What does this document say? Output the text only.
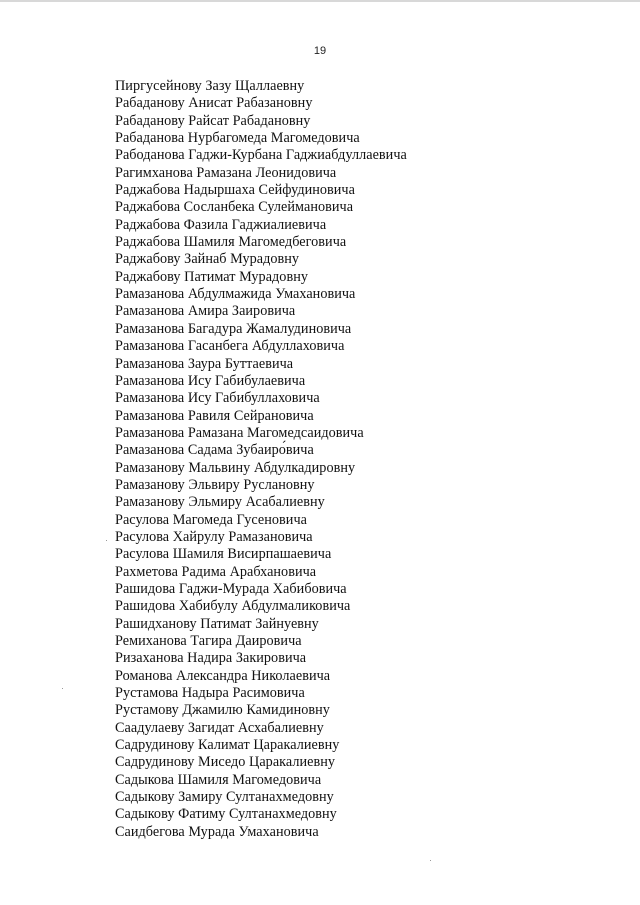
19
Пиргусейнову Зазу Щаллаевну
Рабаданову Анисат Рабазановну
Рабаданову Райсат Рабадановну
Рабаданова Нурбагомеда Магомедовича
Рабоданова Гаджи-Курбана Гаджиабдуллаевича
Рагимханова Рамазана Леонидовича
Раджабова Надыршаха Сейфудиновича
Раджабова Сосланбека Сулеймановича
Раджабова Фазила Гаджиалиевича
Раджабова Шамиля Магомедбеговича
Раджабову Зайнаб Мурадовну
Раджабову Патимат Мурадовну
Рамазанова Абдулмажида Умахановича
Рамазанова Амира Заировича
Рамазанова Багадура Жамалудиновича
Рамазанова Гасанбега Абдуллаховича
Рамазанова Заура Буттаевича
Рамазанова Ису Габибулаевича
Рамазанова Ису Габибуллаховича
Рамазанова Равиля Сейрановича
Рамазанова Рамазана Магомедсаидовича
Рамазанова Садама Зубаиро́вича
Рамазанову Мальвину Абдулкадировну
Рамазанову Эльвиру Руслановну
Рамазанову Эльмиру Асабалиевну
Расулова Магомеда Гусеновича
Расулова Хайрулу Рамазановича
Расулова Шамиля Висирпашаевича
Рахметова Радима Арабхановича
Рашидова Гаджи-Мурада Хабибовича
Рашидова Хабибулу Абдулмаликовича
Рашидханову Патимат Зайнуевну
Ремиханова Тагира Даировича
Ризаханова Надира Закировича
Романова Александра Николаевича
Рустамова Надыра Расимовича
Рустамову Джамилю Камидиновну
Саадулаеву Загидат Асхабалиевну
Садрудинову Калимат Царакалиевну
Садрудинову Миседо Царакалиевну
Садыкова Шамиля Магомедовича
Садыкову Замиру Султанахмедовну
Садыкову Фатиму Султанахмедовну
Саидбегова Мурада Умахановича
